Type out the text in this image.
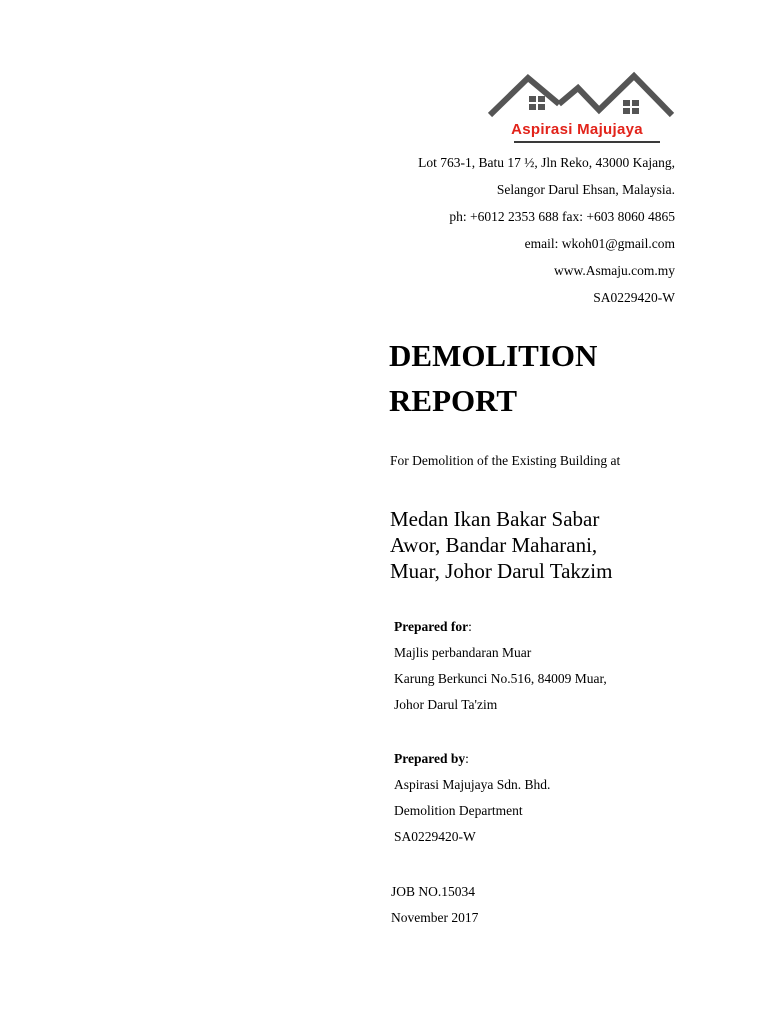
Aspirasi Majujaya
Lot 763-1, Batu 17 ½, Jln Reko, 43000 Kajang,
Selangor Darul Ehsan, Malaysia.
ph: +6012 2353 688 fax: +603 8060 4865
email: wkoh01@gmail.com
www.Asmaju.com.my
SA0229420-W
DEMOLITION
REPORT
For Demolition of the Existing Building at
Medan Ikan Bakar Sabar
Awor, Bandar Maharani,
Muar, Johor Darul Takzim
Prepared for:
Majlis perbandaran Muar
Karung Berkunci No.516, 84009 Muar,
Johor Darul Ta'zim
Prepared by:
Aspirasi Majujaya Sdn. Bhd.
Demolition Department
SA0229420-W
JOB NO.15034
November 2017
